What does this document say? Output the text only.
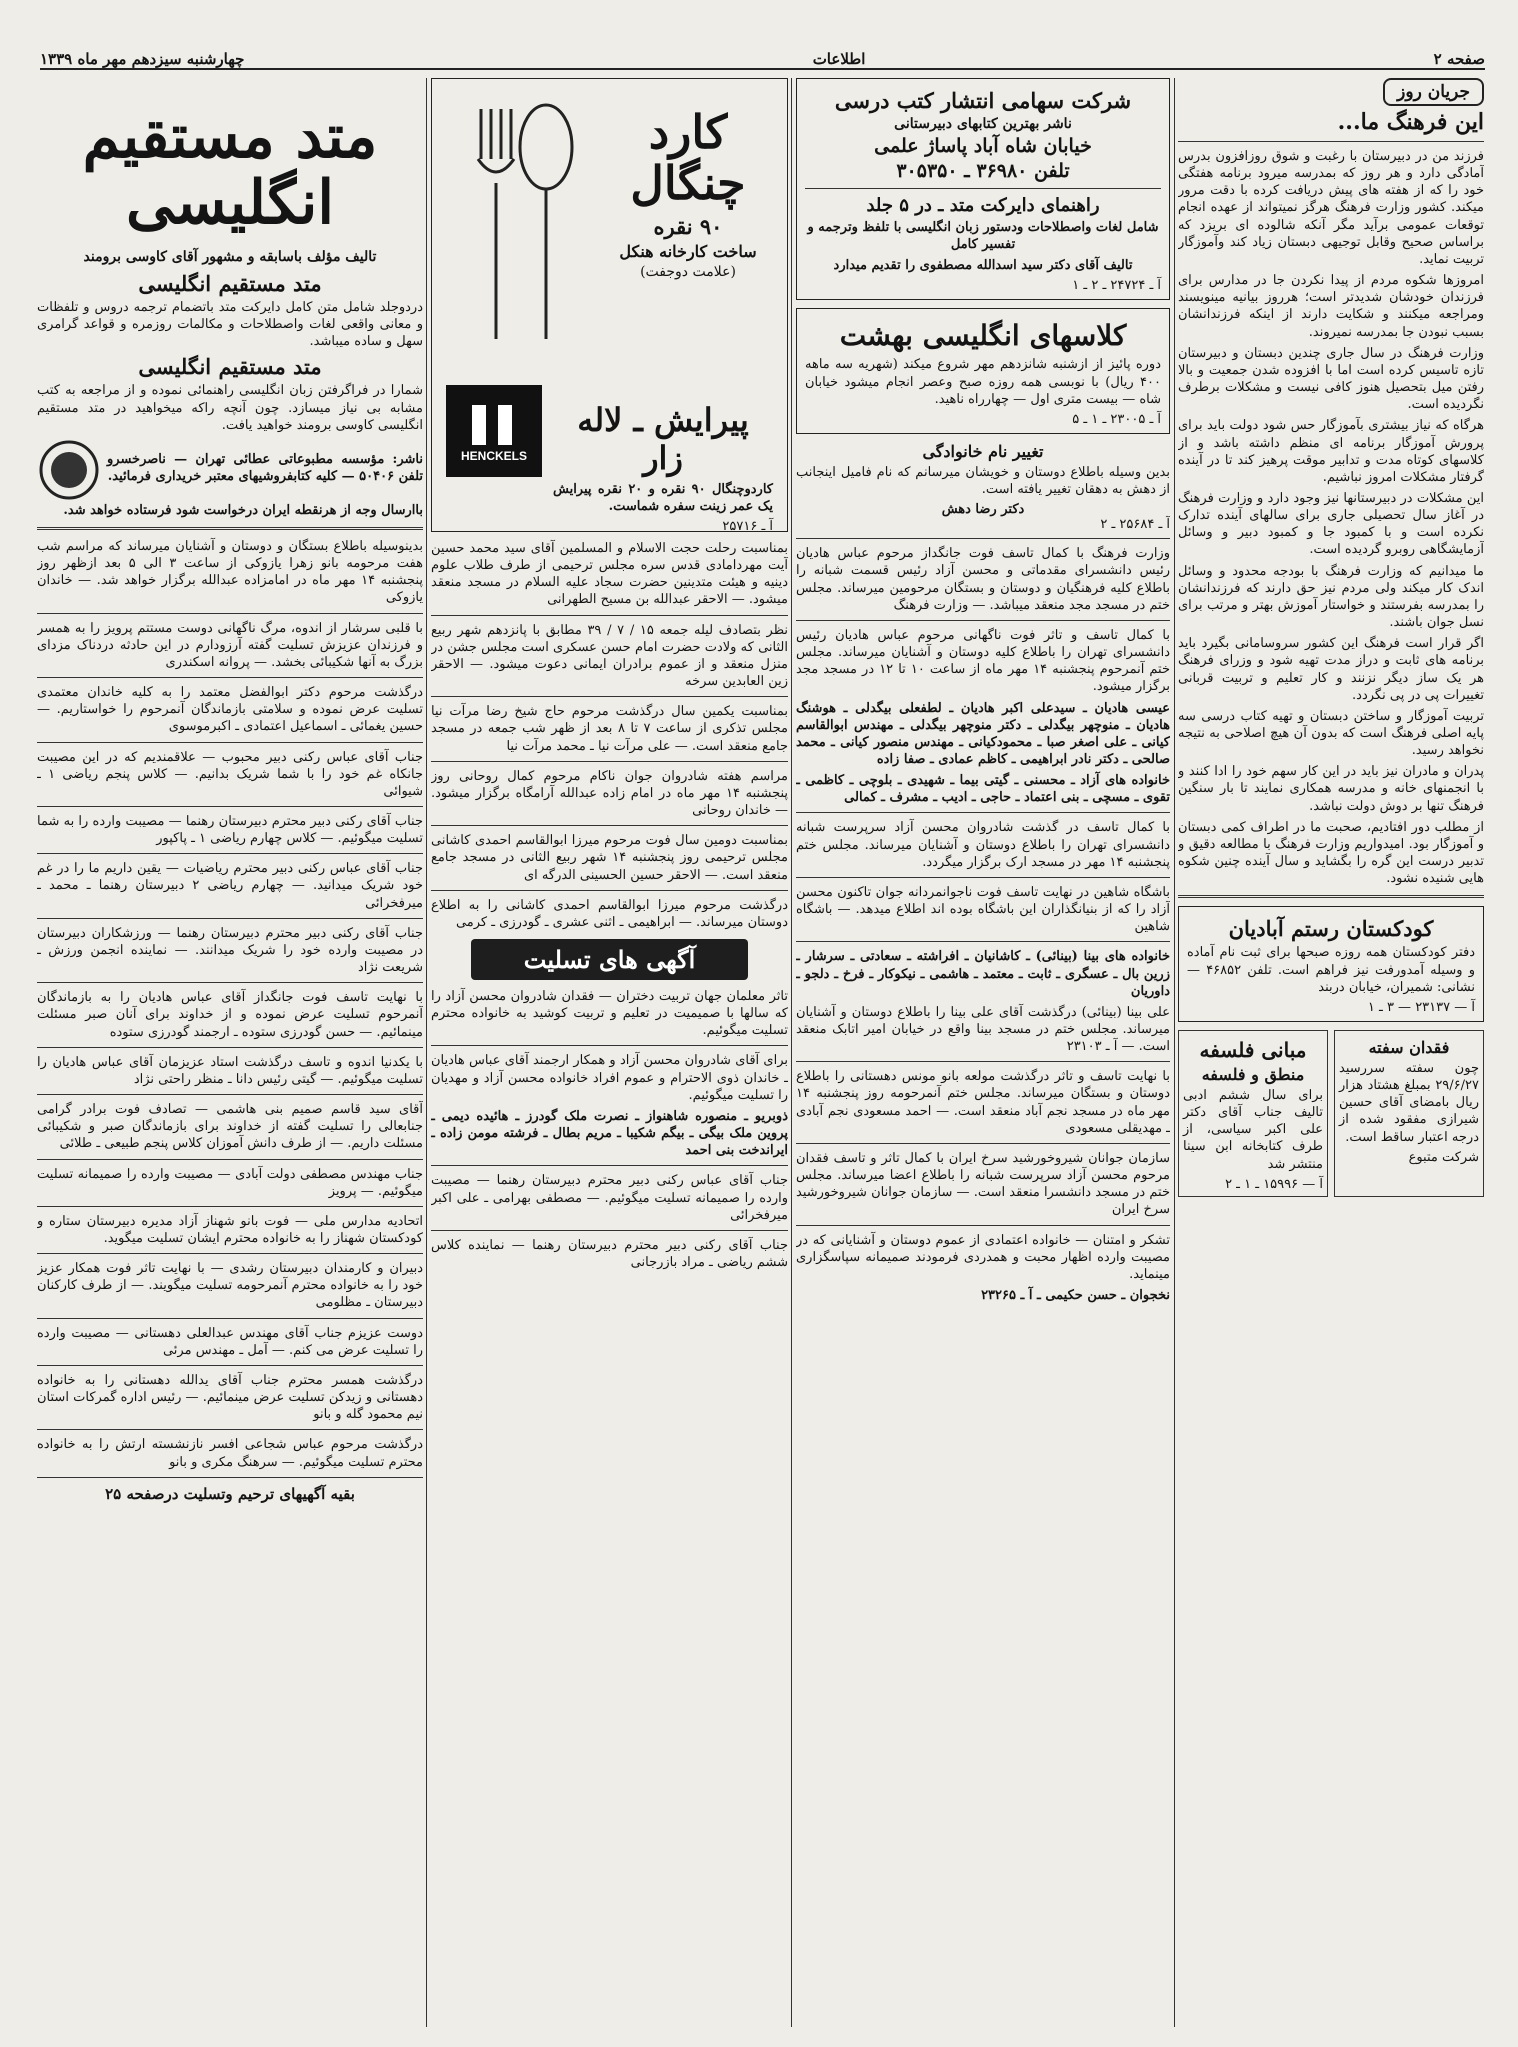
صفحه ۲
اطلاعات
چهارشنبه سیزدهم مهر ماه ۱۳۳۹
جریان روز
این فرهنگ ما...

فرزند من در دبیرستان با رغبت و شوق روزافزون بدرس آمادگی دارد و هر روز که بمدرسه میرود برنامه هفتگی خود را که از هفته های پیش دریافت کرده با دقت مرور میکند. کشور وزارت فرهنگ هرگز نمیتواند از عهده انجام توقعات عمومی برآید مگر آنکه شالوده ای بریزد که براساس صحیح وقابل توجیهی دبستان زیاد کند وآموزگار تربیت نماید.

امروزها شکوه مردم از پیدا نکردن جا در مدارس برای فرزندان خودشان شدیدتر است؛ هرروز بیانیه مینویسند ومراجعه میکنند و شکایت دارند از اینکه فرزندانشان بسبب نبودن جا بمدرسه نمیروند.

وزارت فرهنگ در سال جاری چندین دبستان و دبیرستان تازه تاسیس کرده است اما با افزوده شدن جمعیت و بالا رفتن میل بتحصیل هنوز کافی نیست و مشکلات برطرف نگردیده است.

هرگاه که نیاز بیشتری بآموزگار حس شود دولت باید برای پرورش آموزگار برنامه ای منظم داشته باشد و از کلاسهای کوتاه مدت و تدابیر موقت پرهیز کند تا در آینده گرفتار مشکلات امروز نباشیم.

این مشکلات در دبیرستانها نیز وجود دارد و وزارت فرهنگ در آغاز سال تحصیلی جاری برای سالهای آینده تدارک نکرده است و با کمبود جا و کمبود دبیر و وسائل آزمایشگاهی روبرو گردیده است.

ما میدانیم که وزارت فرهنگ با بودجه محدود و وسائل اندک کار میکند ولی مردم نیز حق دارند که فرزندانشان را بمدرسه بفرستند و خواستار آموزش بهتر و مرتب برای نسل جوان باشند.

اگر قرار است فرهنگ این کشور سروسامانی بگیرد باید برنامه های ثابت و دراز مدت تهیه شود و وزرای فرهنگ هر یک ساز دیگر نزنند و کار تعلیم و تربیت قربانی تغییرات پی در پی نگردد.

تربیت آموزگار و ساختن دبستان و تهیه کتاب درسی سه پایه اصلی فرهنگ است که بدون آن هیچ اصلاحی به نتیجه نخواهد رسید.

پدران و مادران نیز باید در این کار سهم خود را ادا کنند و با انجمنهای خانه و مدرسه همکاری نمایند تا بار سنگین فرهنگ تنها بر دوش دولت نباشد.

از مطلب دور افتادیم، صحبت ما در اطراف کمی دبستان و آموزگار بود. امیدواریم وزارت فرهنگ با مطالعه دقیق و تدبیر درست این گره را بگشاید و سال آینده چنین شکوه هایی شنیده نشود.

کودکستان رستم آبادیان

دفتر کودکستان همه روزه صبحها برای ثبت نام آماده و وسیله آمدورفت نیز فراهم است. تلفن ۴۶۸۵۲ — نشانی: شمیران، خیابان دربند

آ — ۲۳۱۳۷ — ۳ ـ ۱
فقدان سفته

چون سفته سررسید ۲۹/۶/۲۷ بمبلغ هشتاد هزار ریال بامضای آقای حسین شیرازی مفقود شده از درجه اعتبار ساقط است.

شرکت متبوع
مبانی فلسفه
منطق و فلسفه

برای سال ششم ادبی تالیف جناب آقای دکتر علی اکبر سیاسی، از طرف کتابخانه ابن سینا منتشر شد

آ — ۱۵۹۹۶ ـ ۱ ـ ۲
شرکت سهامی انتشار کتب درسی
ناشر بهترین کتابهای دبیرستانی
خیابان شاه آباد پاساژ علمی
تلفن ۳۶۹۸۰ ـ ۳۰۵۳۵۰
راهنمای دایرکت متد ـ در ۵ جلد

شامل لغات واصطلاحات ودستور زبان انگلیسی با تلفظ وترجمه و تفسیر کامل

تالیف آقای دکتر سید اسدالله مصطفوی را تقدیم میدارد

آ ـ ۲۴۷۲۴ ـ ۲ ـ ۱
کلاسهای انگلیسی بهشت

دوره پائیز از ازشنبه شانزدهم مهر شروع میکند (شهریه سه ماهه ۴۰۰ ریال) با نوبسی همه روزه صبح وعصر انجام میشود خیابان شاه — بیست متری اول — چهارراه ناهید.

آ ـ ۲۳۰۰۵ ـ ۱ ـ ۵
تغییر نام خانوادگی

بدین وسیله باطلاع دوستان و خویشان میرسانم که نام فامیل اینجانب از دهش به دهقان تغییر یافته است.

دکتر رضا دهش
آ ـ ۲۵۶۸۴ ـ ۲

وزارت فرهنگ با کمال تاسف فوت جانگداز مرحوم عباس هادیان رئیس دانشسرای مقدماتی و محسن آزاد رئیس قسمت شبانه را باطلاع کلیه فرهنگیان و دوستان و بستگان مرحومین میرساند. مجلس ختم در مسجد مجد منعقد میباشد. — وزارت فرهنگ

با کمال تاسف و تاثر فوت ناگهانی مرحوم عباس هادیان رئیس دانشسرای تهران را باطلاع کلیه دوستان و آشنایان میرساند. مجلس ختم آنمرحوم پنجشنبه ۱۴ مهر ماه از ساعت ۱۰ تا ۱۲ در مسجد مجد برگزار میشود.

عیسی هادیان ـ سیدعلی اکبر هادیان ـ لطفعلی بیگدلی ـ هوشنگ هادیان ـ منوچهر بیگدلی ـ دکتر منوچهر بیگدلی ـ مهندس ابوالقاسم کیانی ـ علی اصغر صبا ـ محمودکیانی ـ مهندس منصور کیانی ـ محمد صالحی ـ دکتر نادر ابراهیمی ـ کاظم عمادی ـ صفا زاده

خانواده های آزاد ـ محسنی ـ گیتی بیما ـ شهیدی ـ بلوچی ـ کاظمی ـ تقوی ـ مسچی ـ بنی اعتماد ـ حاجی ـ ادیب ـ مشرف ـ کمالی

با کمال تاسف در گذشت شادروان محسن آزاد سرپرست شبانه دانشسرای تهران را باطلاع دوستان و آشنایان میرساند. مجلس ختم پنجشنبه ۱۴ مهر در مسجد ارک برگزار میگردد.

باشگاه شاهین در نهایت تاسف فوت ناجوانمردانه جوان تاکنون محسن آزاد را که از بنیانگذاران این باشگاه بوده اند اطلاع میدهد. — باشگاه شاهین

خانواده های بینا (بینائی) ـ کاشانیان ـ افراشته ـ سعادتی ـ سرشار ـ زرین بال ـ عسگری ـ ثابت ـ معتمد ـ هاشمی ـ نیکوکار ـ فرخ ـ دلجو ـ داوریان

علی بینا (بینائی) درگذشت آقای علی بینا را باطلاع دوستان و آشنایان میرساند. مجلس ختم در مسجد بینا واقع در خیابان امیر اتابک منعقد است. — آ ـ ۲۳۱۰۳

با نهایت تاسف و تاثر درگذشت مولعه بانو مونس دهستانی را باطلاع دوستان و بستگان میرساند. مجلس ختم آنمرحومه روز پنجشنبه ۱۴ مهر ماه در مسجد نجم آباد منعقد است. — احمد مسعودی نجم آبادی ـ مهدیقلی مسعودی

سازمان جوانان شیروخورشید سرخ ایران با کمال تاثر و تاسف فقدان مرحوم محسن آزاد سرپرست شبانه را باطلاع اعضا میرساند. مجلس ختم در مسجد دانشسرا منعقد است. — سازمان جوانان شیروخورشید سرخ ایران

تشکر و امتنان — خانواده اعتمادی از عموم دوستان و آشنایانی که در مصیبت وارده اظهار محبت و همدردی فرمودند صمیمانه سپاسگزاری مینماید.

نخجوان ـ حسن حکیمی ـ آ ـ ۲۳۲۶۵

کارد چنگال
۹۰ نقره
ساخت کارخانه هنکل
(علامت دوجفت)
HENCKELS
پیرایش ـ لاله زار

کاردوچنگال ۹۰ نقره و ۲۰ نقره پیرایش یک عمر زینت سفره شماست.

آ ـ ۲۵۷۱۶

بمناسبت رحلت حجت الاسلام و المسلمین آقای سید محمد حسین آیت مهردامادی قدس سره مجلس ترحیمی از طرف طلاب علوم دینیه و هیئت متدینین حضرت سجاد علیه السلام در مسجد منعقد میشود. — الاحقر عبدالله بن مسیح الطهرانی

نظر بتصادف لیله جمعه ۱۵ / ۷ / ۳۹ مطابق با پانزدهم شهر ربیع الثانی که ولادت حضرت امام حسن عسکری است مجلس جشن در منزل منعقد و از عموم برادران ایمانی دعوت میشود. — الاحقر زین العابدین سرخه

بمناسبت یکمین سال درگذشت مرحوم حاج شیخ رضا مرآت نیا مجلس تذکری از ساعت ۷ تا ۸ بعد از ظهر شب جمعه در مسجد جامع منعقد است. — علی مرآت نیا ـ محمد مرآت نیا

مراسم هفته شادروان جوان ناکام مرحوم کمال روحانی روز پنجشنبه ۱۴ مهر ماه در امام زاده عبدالله آرامگاه برگزار میشود. — خاندان روحانی

بمناسبت دومین سال فوت مرحوم میرزا ابوالقاسم احمدی کاشانی مجلس ترحیمی روز پنجشنبه ۱۴ شهر ربیع الثانی در مسجد جامع منعقد است. — الاحقر حسین الحسینی الدرگه ای

درگذشت مرحوم میرزا ابوالقاسم احمدی کاشانی را به اطلاع دوستان میرساند. — ابراهیمی ـ اثنی عشری ـ گودرزی ـ کرمی

آگهی های تسلیت

تاثر معلمان جهان تربیت دختران — فقدان شادروان محسن آزاد را که سالها با صمیمیت در تعلیم و تربیت کوشید به خانواده محترم تسلیت میگوئیم.

برای آقای شادروان محسن آزاد و همکار ارجمند آقای عباس هادیان ـ خاندان ذوی الاحترام و عموم افراد خانواده محسن آزاد و مهدیان را تسلیت میگوئیم.

ذوبریو ـ منصوره شاهنواز ـ نصرت ملک گودرز ـ هائیده دیمی ـ پروین ملک بیگی ـ بیگم شکیبا ـ مریم بطال ـ فرشته مومن زاده ـ ایراندخت بنی احمد

جناب آقای عباس رکنی دبیر محترم دبیرستان رهنما — مصیبت وارده را صمیمانه تسلیت میگوئیم. — مصطفی بهرامی ـ علی اکبر میرفخرائی

جناب آقای رکنی دبیر محترم دبیرستان رهنما — نماینده کلاس ششم ریاضی ـ مراد بازرجانی

متد مستقیم انگلیسی

تالیف مؤلف باسابقه و مشهور آقای کاوسی برومند

متد مستقیم انگلیسی

دردوجلد شامل متن کامل دایرکت متد باتضمام ترجمه دروس و تلفظات و معانی واقعی لغات واصطلاحات و مکالمات روزمره و قواعد گرامری سهل و ساده میباشد.

متد مستقیم انگلیسی

شمارا در فراگرفتن زبان انگلیسی راهنمائی نموده و از مراجعه به کتب مشابه بی نیاز میسازد. چون آنچه راکه میخواهید در متد مستقیم انگلیسی کاوسی برومند خواهید یافت.

ناشر: مؤسسه مطبوعاتی عطائی تهران — ناصرخسرو تلفن ۵۰۴۰۶ — کلیه کتابفروشیهای معتبر خریداری فرمائید.

باارسال وجه از هرنقطه ایران درخواست شود فرستاده خواهد شد.

بدینوسیله باطلاع بستگان و دوستان و آشنایان میرساند که مراسم شب هفت مرحومه بانو زهرا یازوکی از ساعت ۳ الی ۵ بعد ازظهر روز پنجشنبه ۱۴ مهر ماه در امامزاده عبدالله برگزار خواهد شد. — خاندان یازوکی

با قلبی سرشار از اندوه، مرگ ناگهانی دوست مستتم پرویز را به همسر و فرزندان عزیزش تسلیت گفته آرزودارم در این حادثه دردناک مزدای بزرگ به آنها شکیبائی بخشد. — پروانه اسکندری

درگذشت مرحوم دکتر ابوالفضل معتمد را به کلیه خاندان معتمدی تسلیت عرض نموده و سلامتی بازماندگان آنمرحوم را خواستاریم. — حسین یغمائی ـ اسماعیل اعتمادی ـ اکبرموسوی

جناب آقای عباس رکنی دبیر محبوب — علاقمندیم که در این مصیبت جانکاه غم خود را با شما شریک بدانیم. — کلاس پنجم ریاضی ۱ ـ شیوائی

جناب آقای رکنی دبیر محترم دبیرستان رهنما — مصیبت وارده را به شما تسلیت میگوئیم. — کلاس چهارم ریاضی ۱ ـ پاکپور

جناب آقای عباس رکنی دبیر محترم ریاضیات — یقین داریم ما را در غم خود شریک میدانید. — چهارم ریاضی ۲ دبیرستان رهنما ـ محمد ـ میرفخرائی

جناب آقای رکنی دبیر محترم دبیرستان رهنما — ورزشکاران دبیرستان در مصیبت وارده خود را شریک میدانند. — نماینده انجمن ورزش ـ شریعت نژاد

با نهایت تاسف فوت جانگداز آقای عباس هادیان را به بازماندگان آنمرحوم تسلیت عرض نموده و از خداوند برای آنان صبر مسئلت مینمائیم. — حسن گودرزی ستوده ـ ارجمند گودرزی ستوده

با یکدنیا اندوه و تاسف درگذشت استاد عزیزمان آقای عباس هادیان را تسلیت میگوئیم. — گیتی رئیس دانا ـ منظر راحتی نژاد

آقای سید قاسم صمیم بنی هاشمی — تصادف فوت برادر گرامی جنابعالی را تسلیت گفته از خداوند برای بازماندگان صبر و شکیبائی مسئلت داریم. — از طرف دانش آموزان کلاس پنجم طبیعی ـ طلائی

جناب مهندس مصطفی دولت آبادی — مصیبت وارده را صمیمانه تسلیت میگوئیم. — پرویز

اتحادیه مدارس ملی — فوت بانو شهناز آزاد مدیره دبیرستان ستاره و کودکستان شهناز را به خانواده محترم ایشان تسلیت میگوید.

دبیران و کارمندان دبیرستان رشدی — با نهایت تاثر فوت همکار عزیز خود را به خانواده محترم آنمرحومه تسلیت میگویند. — از طرف کارکنان دبیرستان ـ مظلومی

دوست عزیزم جناب آقای مهندس عبدالعلی دهستانی — مصیبت وارده را تسلیت عرض می کنم. — آمل ـ مهندس مرئی

درگذشت همسر محترم جناب آقای یدالله دهستانی را به خانواده دهستانی و زیدکن تسلیت عرض مینمائیم. — رئیس اداره گمرکات استان نیم محمود گله و بانو

درگذشت مرحوم عباس شجاعی افسر نازنشسته ارتش را به خانواده محترم تسلیت میگوئیم. — سرهنگ مکری و بانو

بقیه آگهیهای ترحیم وتسلیت درصفحه ۲۵
